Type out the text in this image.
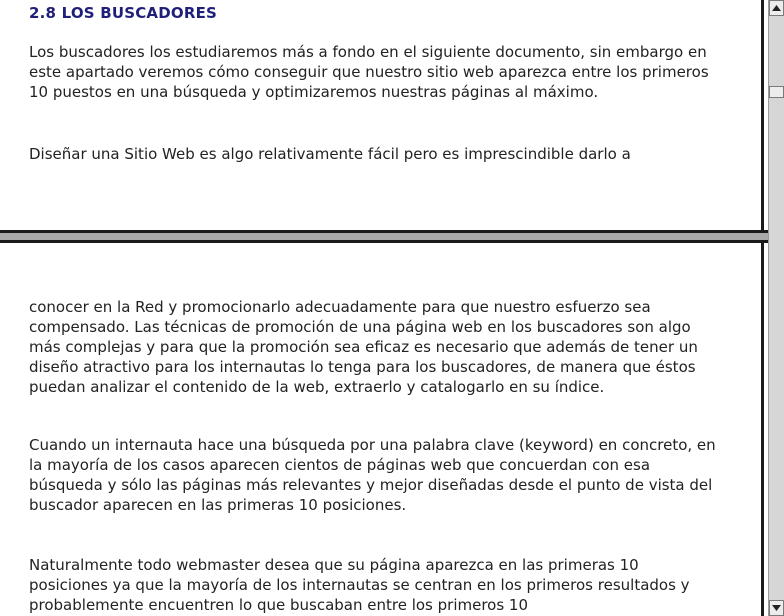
2.8 LOS BUSCADORES

Los buscadores los estudiaremos más a fondo en el siguiente documento, sin embargo en este apartado veremos cómo conseguir que nuestro sitio web aparezca entre los primeros 10 puestos en una búsqueda y optimizaremos nuestras páginas al máximo.

Diseñar una Sitio Web es algo relativamente fácil pero es imprescindible darlo a

conocer en la Red y promocionarlo adecuadamente para que nuestro esfuerzo sea compensado. Las técnicas de promoción de una página web en los buscadores son algo más complejas y para que la promoción sea eficaz es necesario que además de tener un diseño atractivo para los internautas lo tenga para los buscadores, de manera que éstos puedan analizar el contenido de la web, extraerlo y catalogarlo en su índice.

Cuando un internauta hace una búsqueda por una palabra clave (keyword) en concreto, en la mayoría de los casos aparecen cientos de páginas web que concuerdan con esa búsqueda y sólo las páginas más relevantes y mejor diseñadas desde el punto de vista del buscador aparecen en las primeras 10 posiciones.

Naturalmente todo webmaster desea que su página aparezca en las primeras 10 posiciones ya que la mayoría de los internautas se centran en los primeros resultados y probablemente encuentren lo que buscaban entre los primeros 10
